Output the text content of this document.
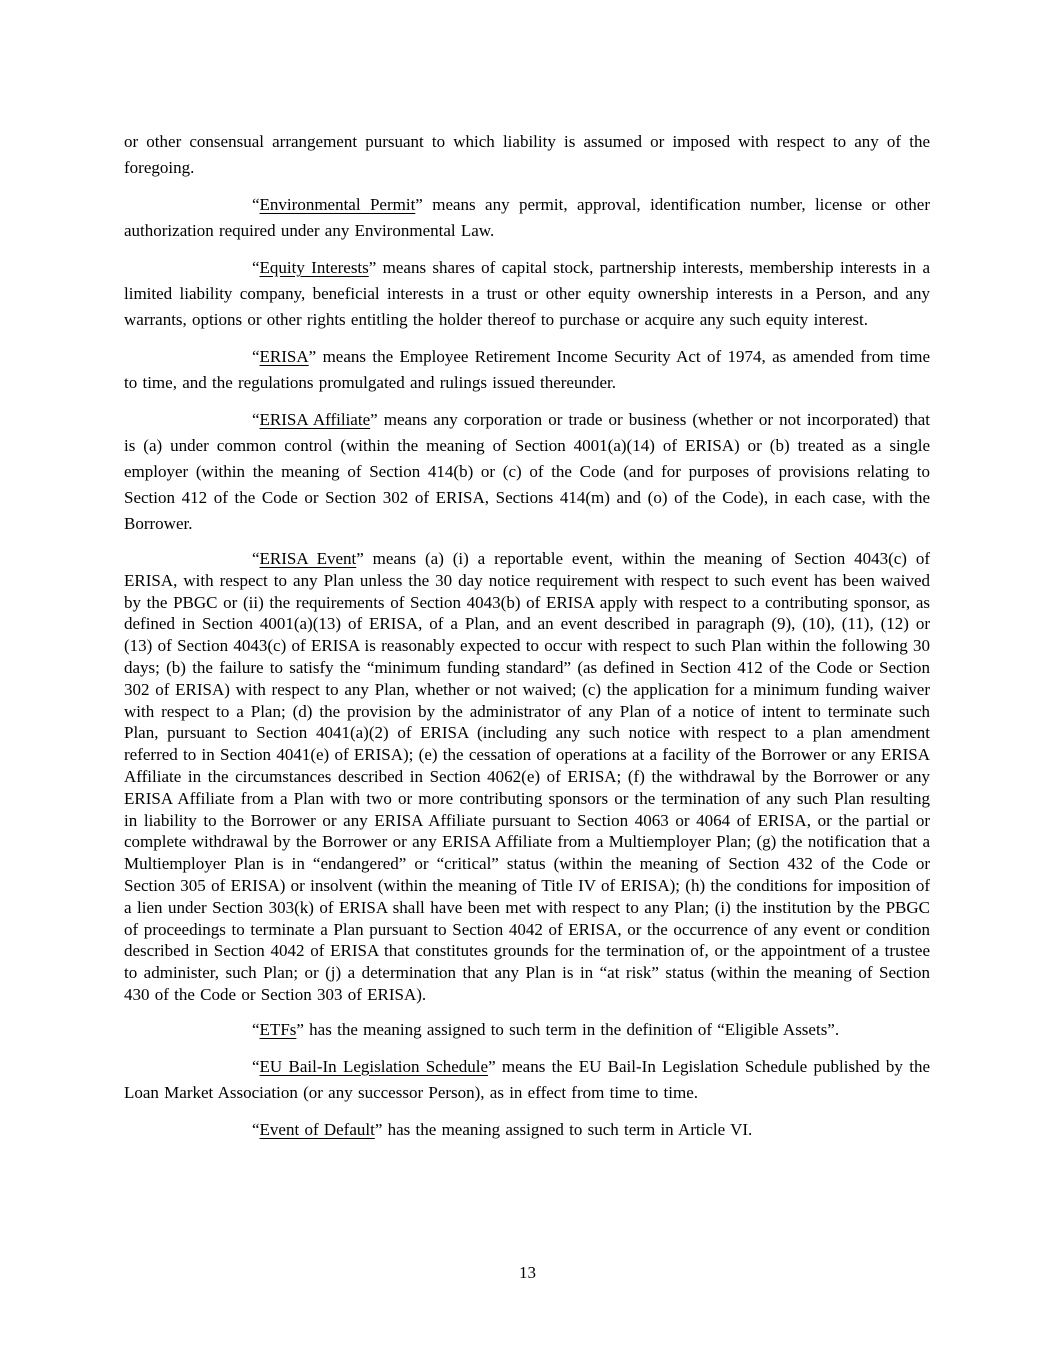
or other consensual arrangement pursuant to which liability is assumed or imposed with respect to any of the foregoing.

“Environmental Permit” means any permit, approval, identification number, license or other authorization required under any Environmental Law.

“Equity Interests” means shares of capital stock, partnership interests, membership interests in a limited liability company, beneficial interests in a trust or other equity ownership interests in a Person, and any warrants, options or other rights entitling the holder thereof to purchase or acquire any such equity interest.

“ERISA” means the Employee Retirement Income Security Act of 1974, as amended from time to time, and the regulations promulgated and rulings issued thereunder.

“ERISA Affiliate” means any corporation or trade or business (whether or not incorporated) that is (a) under common control (within the meaning of Section 4001(a)(14) of ERISA) or (b) treated as a single employer (within the meaning of Section 414(b) or (c) of the Code (and for purposes of provisions relating to Section 412 of the Code or Section 302 of ERISA, Sections 414(m) and (o) of the Code), in each case, with the Borrower.

“ERISA Event” means (a) (i) a reportable event, within the meaning of Section 4043(c) of ERISA, with respect to any Plan unless the 30 day notice requirement with respect to such event has been waived by the PBGC or (ii) the requirements of Section 4043(b) of ERISA apply with respect to a contributing sponsor, as defined in Section 4001(a)(13) of ERISA, of a Plan, and an event described in paragraph (9), (10), (11), (12) or (13) of Section 4043(c) of ERISA is reasonably expected to occur with respect to such Plan within the following 30 days; (b) the failure to satisfy the “minimum funding standard” (as defined in Section 412 of the Code or Section 302 of ERISA) with respect to any Plan, whether or not waived; (c) the application for a minimum funding waiver with respect to a Plan; (d) the provision by the administrator of any Plan of a notice of intent to terminate such Plan, pursuant to Section 4041(a)(2) of ERISA (including any such notice with respect to a plan amendment referred to in Section 4041(e) of ERISA); (e) the cessation of operations at a facility of the Borrower or any ERISA Affiliate in the circumstances described in Section 4062(e) of ERISA; (f) the withdrawal by the Borrower or any ERISA Affiliate from a Plan with two or more contributing sponsors or the termination of any such Plan resulting in liability to the Borrower or any ERISA Affiliate pursuant to Section 4063 or 4064 of ERISA, or the partial or complete withdrawal by the Borrower or any ERISA Affiliate from a Multiemployer Plan; (g) the notification that a Multiemployer Plan is in “endangered” or “critical” status (within the meaning of Section 432 of the Code or Section 305 of ERISA) or insolvent (within the meaning of Title IV of ERISA); (h) the conditions for imposition of a lien under Section 303(k) of ERISA shall have been met with respect to any Plan; (i) the institution by the PBGC of proceedings to terminate a Plan pursuant to Section 4042 of ERISA, or the occurrence of any event or condition described in Section 4042 of ERISA that constitutes grounds for the termination of, or the appointment of a trustee to administer, such Plan; or (j) a determination that any Plan is in “at risk” status (within the meaning of Section 430 of the Code or Section 303 of ERISA).

“ETFs” has the meaning assigned to such term in the definition of “Eligible Assets”.

“EU Bail-In Legislation Schedule” means the EU Bail-In Legislation Schedule published by the Loan Market Association (or any successor Person), as in effect from time to time.

“Event of Default” has the meaning assigned to such term in Article VI.

13
